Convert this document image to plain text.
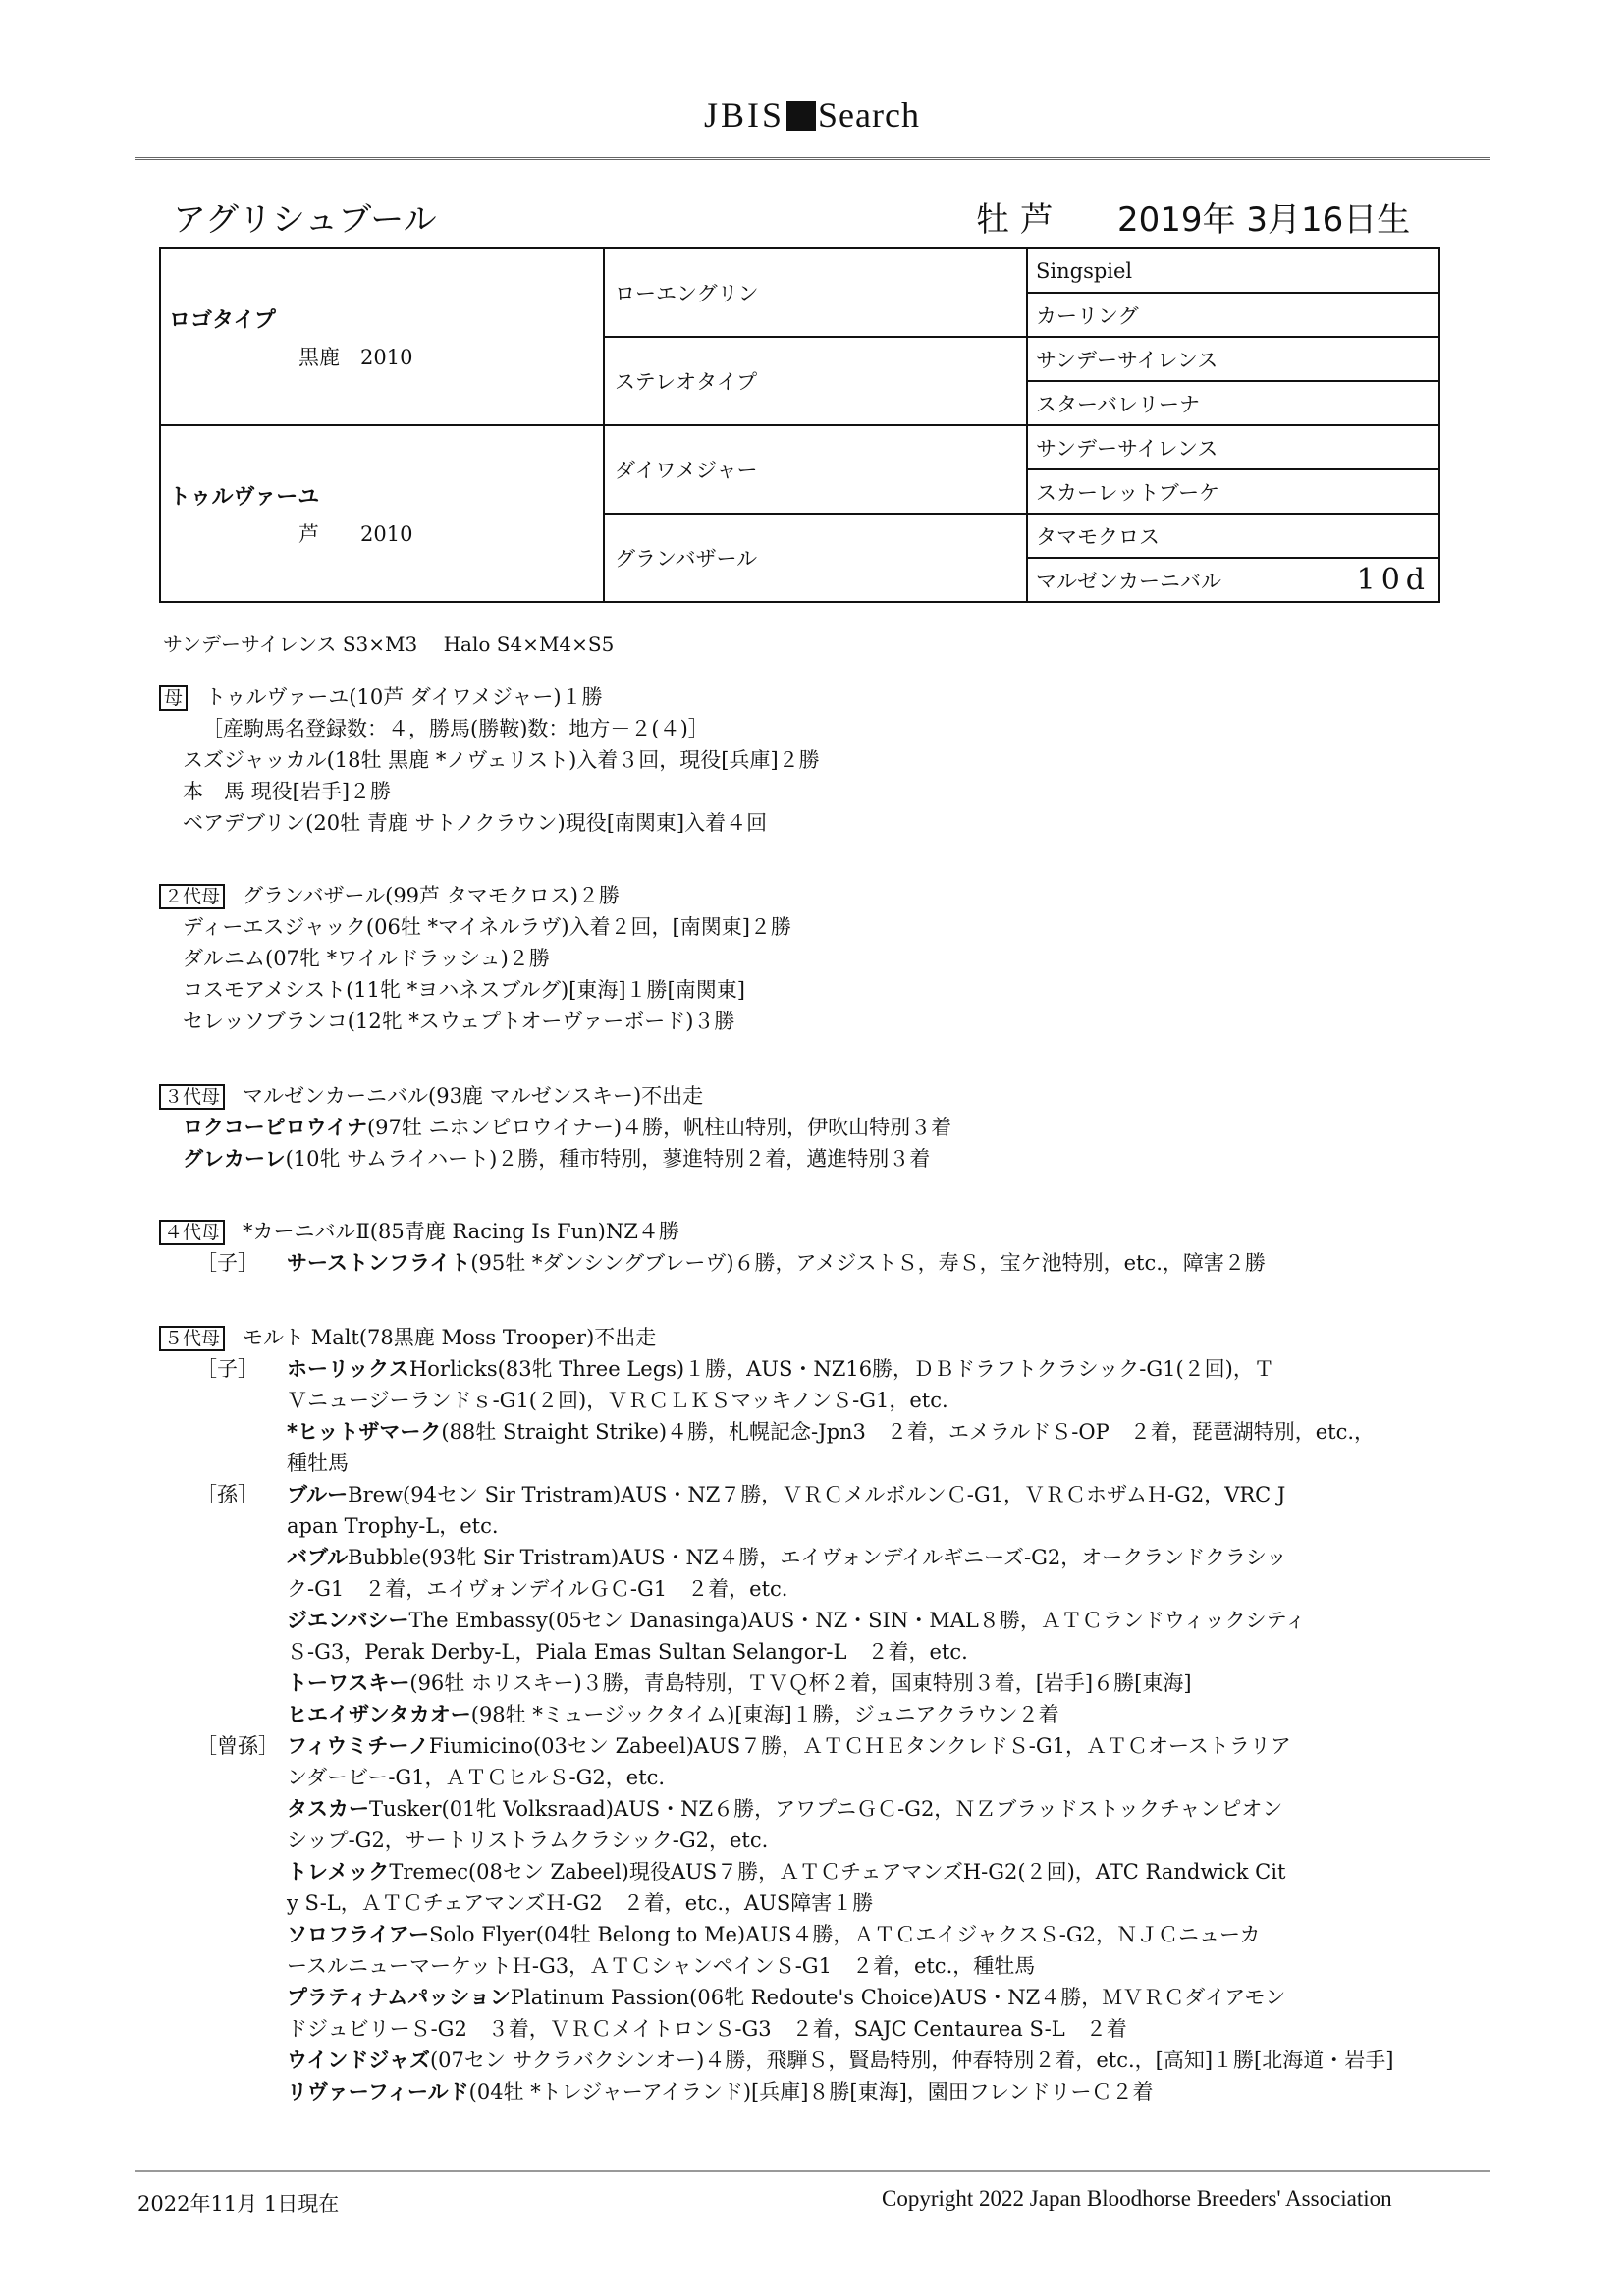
JBIS Search
アグリシュブール	牡 芦 2019年 3月16日生
ロゴタイプ
黒鹿　2010	ローエングリン	Singspiel
		カーリング
	ステレオタイプ	サンデーサイレンス
		スターバレリーナ

トゥルヴァーユ
芦　　2010	ダイワメジャー	サンデーサイレンス
		スカーレットブーケ
	グランバザール	タマモクロス
		マルゼンカーニバル 10d
サンデーサイレンス S3×M3　 Halo S4×M4×S5
母 トゥルヴァーユ(10芦 ダイワメジャー)１勝
［産駒馬名登録数：４，勝馬(勝鞍)数：地方－２(４)］
スズジャッカル(18牡 黒鹿 *ノヴェリスト)入着３回，現役[兵庫]２勝
本　馬 現役[岩手]２勝
ベアデブリン(20牡 青鹿 サトノクラウン)現役[南関東]入着４回
２代母 グランバザール(99芦 タマモクロス)２勝
ディーエスジャック(06牡 *マイネルラヴ)入着２回，[南関東]２勝
ダルニム(07牝 *ワイルドラッシュ)２勝
コスモアメシスト(11牝 *ヨハネスブルグ)[東海]１勝[南関東]
セレッソブランコ(12牝 *スウェプトオーヴァーボード)３勝
３代母 マルゼンカーニバル(93鹿 マルゼンスキー)不出走
ロクコーピロウイナ(97牡 ニホンピロウイナー)４勝，帆柱山特別，伊吹山特別３着
グレカーレ(10牝 サムライハート)２勝，種市特別，蓼進特別２着，邁進特別３着
４代母 *カーニバルⅡ(85青鹿 Racing Is Fun)NZ４勝
［子］ サーストンフライト(95牡 *ダンシングブレーヴ)６勝，アメジストＳ，寿Ｓ，宝ケ池特別，etc.，障害２勝
５代母 モルト Malt(78黒鹿 Moss Trooper)不出走
［子］ ホーリックスHorlicks(83牝 Three Legs)１勝，AUS・NZ16勝，ＤＢドラフトクラシック-G1(２回)，Ｔ
Ｖニュージーランドｓ-G1(２回)，ＶＲＣＬＫＳマッキノンＳ-G1，etc.
*ヒットザマーク(88牡 Straight Strike)４勝，札幌記念-Jpn3　２着，エメラルドＳ-OP　２着，琵琶湖特別，etc.，
種牡馬
［孫］ ブルーBrew(94セン Sir Tristram)AUS・NZ７勝，ＶＲＣメルボルンＣ-G1，ＶＲＣホザムＨ-G2，VRC J
apan Trophy-L，etc.
バブルBubble(93牝 Sir Tristram)AUS・NZ４勝，エイヴォンデイルギニーズ-G2，オークランドクラシッ
ク-G1　２着，エイヴォンデイルＧＣ-G1　２着，etc.
ジエンバシーThe Embassy(05セン Danasinga)AUS・NZ・SIN・MAL８勝，ＡＴＣランドウィックシティ
Ｓ-G3，Perak Derby-L，Piala Emas Sultan Selangor-L　２着，etc.
トーワスキー(96牡 ホリスキー)３勝，青島特別，ＴＶＱ杯２着，国東特別３着，[岩手]６勝[東海]
ヒエイザンタカオー(98牡 *ミュージックタイム)[東海]１勝，ジュニアクラウン２着
［曾孫］ フィウミチーノFiumicino(03セン Zabeel)AUS７勝，ＡＴＣＨＥタンクレドＳ-G1，ＡＴＣオーストラリア
ンダービー-G1，ＡＴＣヒルＳ-G2，etc.
タスカーTusker(01牝 Volksraad)AUS・NZ６勝，アワプニＧＣ-G2，ＮＺブラッドストックチャンピオン
シップ-G2，サートリストラムクラシック-G2，etc.
トレメックTremec(08セン Zabeel)現役AUS７勝，ＡＴＣチェアマンズH-G2(２回)，ATC Randwick Cit
y S-L，ＡＴＣチェアマンズＨ-G2　２着，etc.，AUS障害１勝
ソロフライアーSolo Flyer(04牡 Belong to Me)AUS４勝，ＡＴＣエイジャクスＳ-G2，ＮＪＣニューカ
ースルニューマーケットＨ-G3，ＡＴＣシャンペインＳ-G1　２着，etc.，種牡馬
プラティナムパッションPlatinum Passion(06牝 Redoute's Choice)AUS・NZ４勝，ＭＶＲＣダイアモン
ドジュビリーＳ-G2　３着，ＶＲＣメイトロンＳ-G3　２着，SAJC Centaurea S-L　２着
ウインドジャズ(07セン サクラバクシンオー)４勝，飛騨Ｓ，賢島特別，仲春特別２着，etc.，[高知]１勝[北海道・岩手]
リヴァーフィールド(04牡 *トレジャーアイランド)[兵庫]８勝[東海]，園田フレンドリーＣ２着
2022年11月 1日現在	Copyright 2022 Japan Bloodhorse Breeders' Association
